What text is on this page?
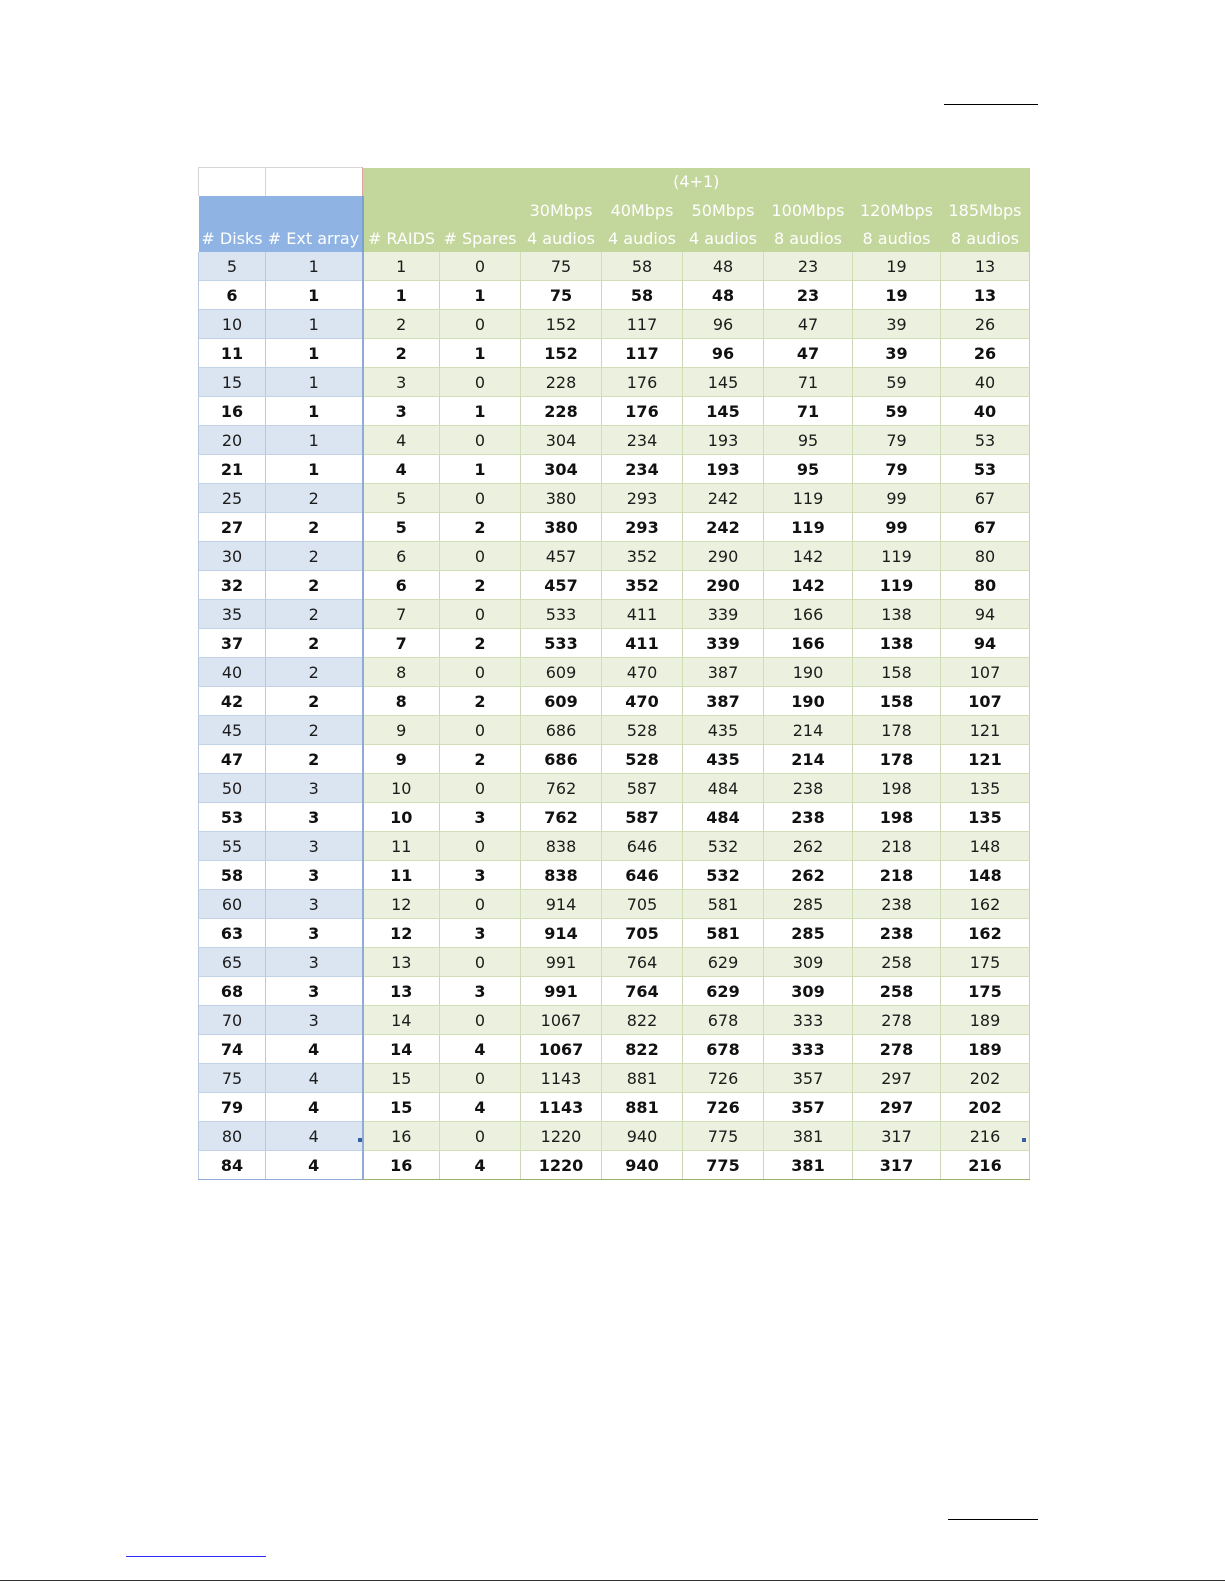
		(4+1)							
				30Mbps	40Mbps	50Mbps	100Mbps	120Mbps	185Mbps
# Disks	# Ext array	# RAIDS	# Spares	4 audios	4 audios	4 audios	8 audios	8 audios	8 audios
5	1	1	0	75	58	48	23	19	13
6	1	1	1	75	58	48	23	19	13
10	1	2	0	152	117	96	47	39	26
11	1	2	1	152	117	96	47	39	26
15	1	3	0	228	176	145	71	59	40
16	1	3	1	228	176	145	71	59	40
20	1	4	0	304	234	193	95	79	53
21	1	4	1	304	234	193	95	79	53
25	2	5	0	380	293	242	119	99	67
27	2	5	2	380	293	242	119	99	67
30	2	6	0	457	352	290	142	119	80
32	2	6	2	457	352	290	142	119	80
35	2	7	0	533	411	339	166	138	94
37	2	7	2	533	411	339	166	138	94
40	2	8	0	609	470	387	190	158	107
42	2	8	2	609	470	387	190	158	107
45	2	9	0	686	528	435	214	178	121
47	2	9	2	686	528	435	214	178	121
50	3	10	0	762	587	484	238	198	135
53	3	10	3	762	587	484	238	198	135
55	3	11	0	838	646	532	262	218	148
58	3	11	3	838	646	532	262	218	148
60	3	12	0	914	705	581	285	238	162
63	3	12	3	914	705	581	285	238	162
65	3	13	0	991	764	629	309	258	175
68	3	13	3	991	764	629	309	258	175
70	3	14	0	1067	822	678	333	278	189
74	4	14	4	1067	822	678	333	278	189
75	4	15	0	1143	881	726	357	297	202
79	4	15	4	1143	881	726	357	297	202
80	4	16	0	1220	940	775	381	317	216
84	4	16	4	1220	940	775	381	317	216
